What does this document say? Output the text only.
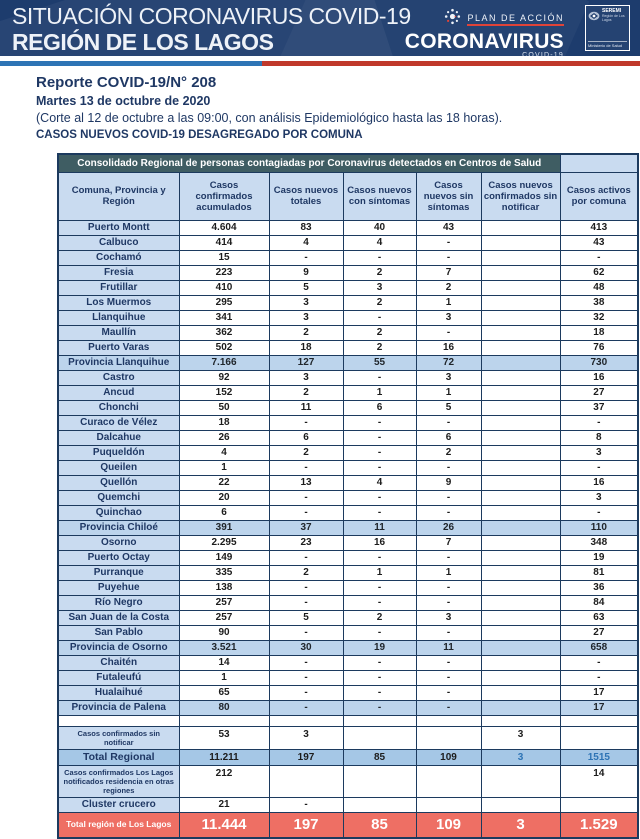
SITUACIÓN CORONAVIRUS COVID-19
REGIÓN DE LOS LAGOS
PLAN DE ACCIÓN
CORONAVIRUS
COVID-19
SEREMI
Región de Los Lagos
Ministerio de Salud
Reporte COVID-19/N° 208
Martes 13 de octubre de 2020
(Corte al 12 de octubre a las 09:00, con análisis Epidemiológico hasta las 18 horas).
CASOS NUEVOS COVID-19 DESAGREGADO POR COMUNA
Consolidado Regional de personas contagiadas por Coronavirus detectados en Centros de Salud						
Comuna, Provincia y Región	Casos confirmados acumulados	Casos nuevos totales	Casos nuevos con síntomas	Casos nuevos sin síntomas	Casos nuevos confirmados sin notificar	Casos activos por comuna
Puerto Montt	4.604	83	40	43		413
Calbuco	414	4	4	-		43
Cochamó	15	-	-	-		-
Fresia	223	9	2	7		62
Frutillar	410	5	3	2		48
Los Muermos	295	3	2	1		38
Llanquihue	341	3	-	3		32
Maullín	362	2	2	-		18
Puerto Varas	502	18	2	16		76
Provincia Llanquihue	7.166	127	55	72		730
Castro	92	3	-	3		16
Ancud	152	2	1	1		27
Chonchi	50	11	6	5		37
Curaco de Vélez	18	-	-	-		-
Dalcahue	26	6	-	6		8
Puqueldón	4	2	-	2		3
Queilen	1	-	-	-		-
Quellón	22	13	4	9		16
Quemchi	20	-	-	-		3
Quinchao	6	-	-	-		-
Provincia Chiloé	391	37	11	26		110
Osorno	2.295	23	16	7		348
Puerto Octay	149	-	-	-		19
Purranque	335	2	1	1		81
Puyehue	138	-	-	-		36
Río Negro	257	-	-	-		84
San Juan de la Costa	257	5	2	3		63
San Pablo	90	-	-	-		27
Provincia de Osorno	3.521	30	19	11		658
Chaitén	14	-	-	-		-
Futaleufú	1	-	-	-		-
Hualaihué	65	-	-	-		17
Provincia de Palena	80	-	-	-		17

Casos confirmados sin notificar	53	3			3	
Total Regional	11.211	197	85	109	3	1515
Casos confirmados Los Lagos notificados residencia en otras regiones	212					14
Cluster crucero	21	-				
Total región de Los Lagos	11.444	197	85	109	3	1.529
